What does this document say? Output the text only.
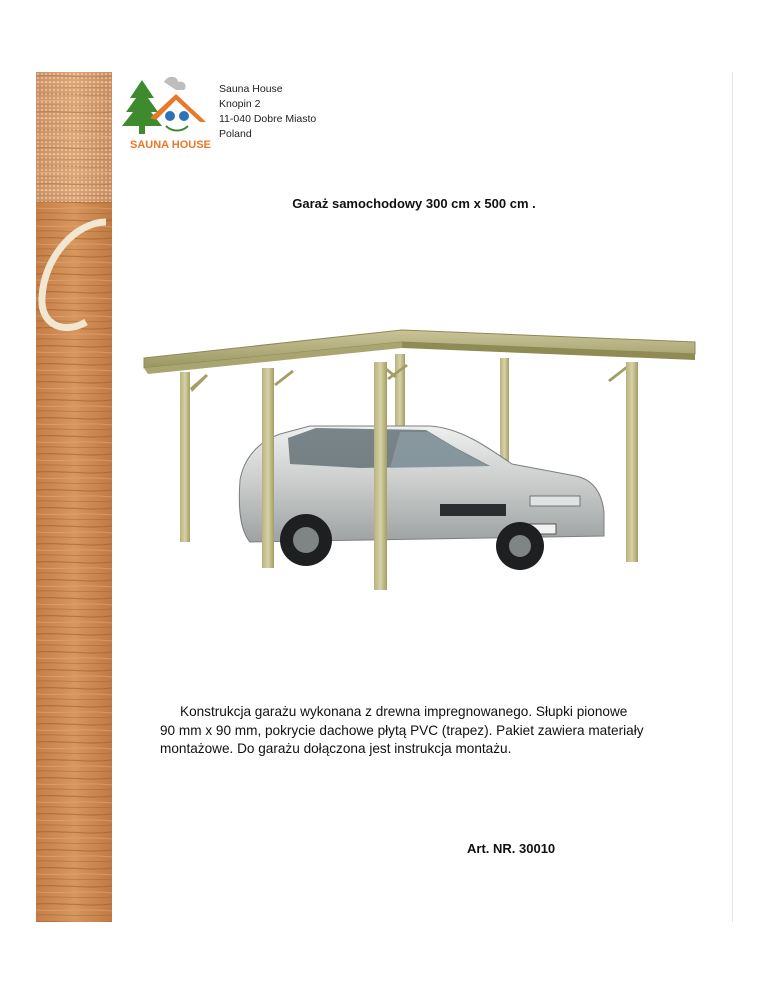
SAUNA HOUSE
Sauna House
Knopin 2
11-040 Dobre Miasto
Poland
Garaż samochodowy 300 cm x 500 cm .
Konstrukcja garażu wykonana z drewna impregnowanego. Słupki pionowe
90 mm x 90 mm, pokrycie dachowe płytą PVC (trapez). Pakiet zawiera materiały
montażowe. Do garażu dołączona jest instrukcja montażu.
Art. NR. 30010
